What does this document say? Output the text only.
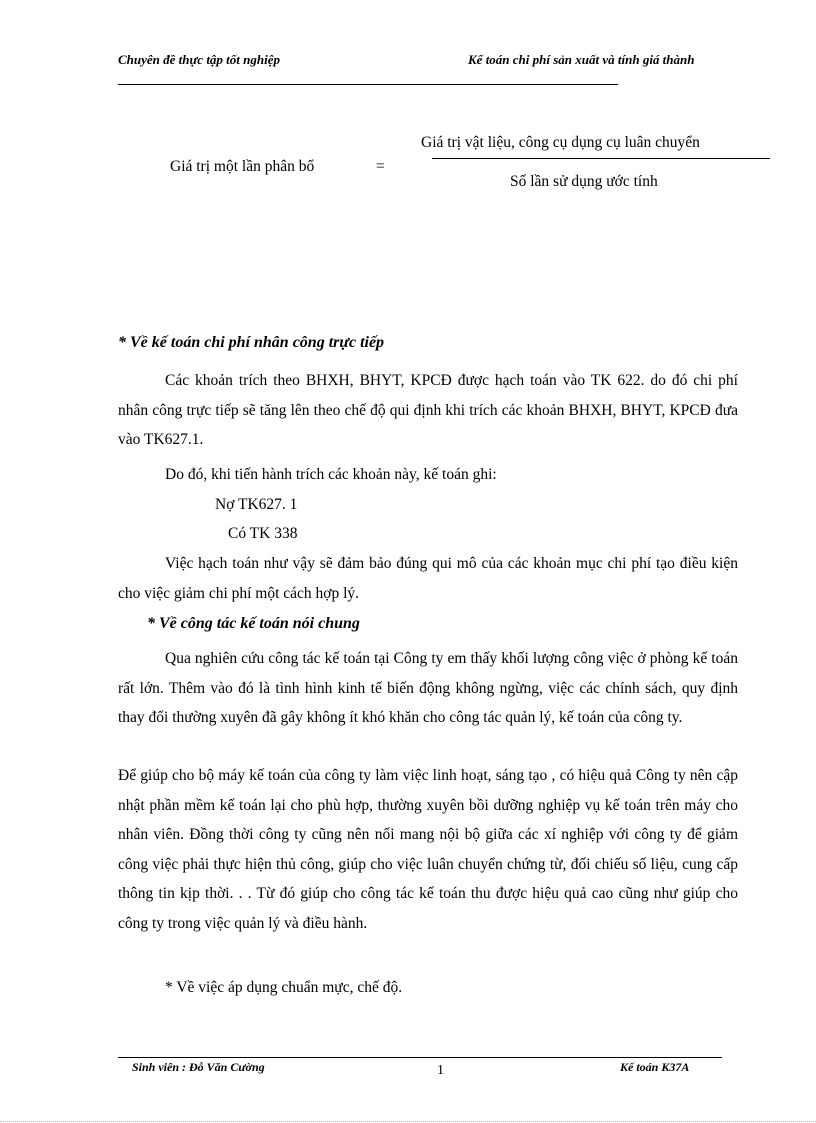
Chuyên đề thực tập tốt nghiệp	Kế toán chi phí sản xuất và tính giá thành
Giá trị một lần phân bổ	=
Giá trị vật liệu, công cụ dụng cụ luân chuyển
Số lần sử dụng ước tính
* Về kế toán chi phí nhân công trực tiếp
Các khoản trích theo BHXH, BHYT, KPCĐ được hạch toán vào TK 622. do đó chi phí nhân công trực tiếp sẽ tăng lên theo chế độ qui định khi trích các khoản BHXH, BHYT, KPCĐ đưa vào TK627.1.
Do đó, khi tiến hành trích các khoản này, kế toán ghi:
Nợ TK627. 1
Có TK 338
Việc hạch toán như vậy sẽ đảm bảo đúng qui mô của các khoản mục chi phí tạo điều kiện cho việc giảm chi phí một cách hợp lý.
* Về công tác kế toán nói chung
Qua nghiên cứu công tác kế toán tại Công ty em thấy khối lượng công việc ở phòng kế toán rất lớn. Thêm vào đó là tình hình kinh tế biến động không ngừng, việc các chính sách, quy định thay đổi thường xuyên đã gây không ít khó khăn cho công tác quản lý, kế toán của công ty.
Để giúp cho bộ máy kế toán của công ty làm việc linh hoạt, sáng tạo , có hiệu quả Công ty nên cập nhật phần mềm kế toán lại cho phù hợp, thường xuyên bồi dưỡng nghiệp vụ kế toán trên máy cho nhân viên. Đồng thời công ty cũng nên nối mang nội bộ giữa các xí nghiệp với công ty để giảm công việc phải thực hiện thủ công, giúp cho việc luân chuyển chứng từ, đối chiếu số liệu, cung cấp thông tin kịp thời. . . Từ đó giúp cho công tác kế toán thu được hiệu quả cao cũng như giúp cho công ty trong việc quản lý và điều hành.
* Về việc áp dụng chuẩn mực, chế độ.
Sinh viên : Đỗ Văn Cường	1	Kế toán K37A
